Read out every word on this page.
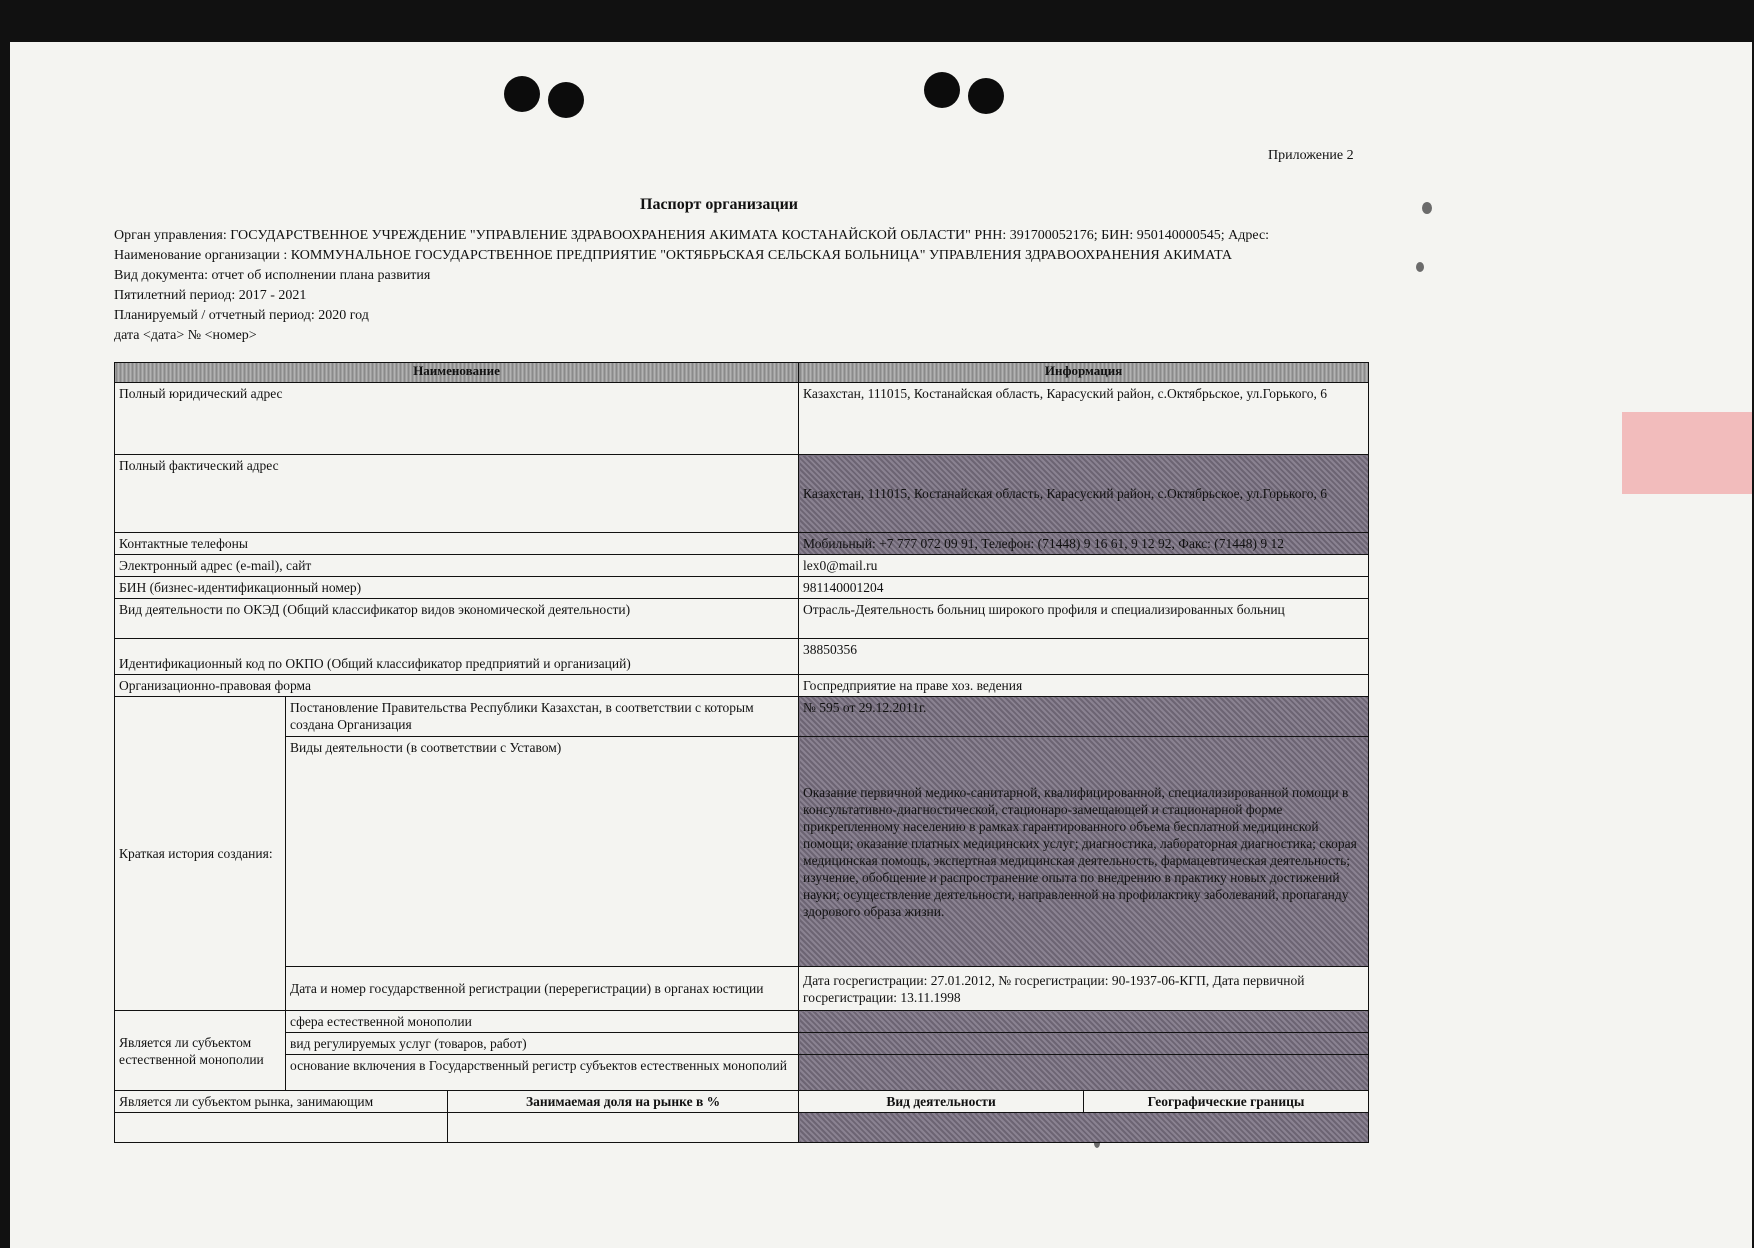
Приложение 2
Паспорт организации
Орган управления: ГОСУДАРСТВЕННОЕ УЧРЕЖДЕНИЕ "УПРАВЛЕНИЕ ЗДРАВООХРАНЕНИЯ АКИМАТА КОСТАНАЙСКОЙ ОБЛАСТИ" РНН: 391700052176; БИН: 950140000545; Адрес:
Наименование организации : КОММУНАЛЬНОЕ ГОСУДАРСТВЕННОЕ ПРЕДПРИЯТИЕ "ОКТЯБРЬСКАЯ СЕЛЬСКАЯ БОЛЬНИЦА" УПРАВЛЕНИЯ ЗДРАВООХРАНЕНИЯ АКИМАТА
Вид документа: отчет об исполнении плана развития
Пятилетний период: 2017 - 2021
Планируемый / отчетный период: 2020 год
дата <дата> № <номер>
Наименование			Информация	
Полный юридический адрес			Казахстан, 111015, Костанайская область, Карасуский район, с.Октябрьское, ул.Горького, 6	
Полный фактический адрес			Казахстан, 111015, Костанайская область, Карасуский район, с.Октябрьское, ул.Горького, 6	
Контактные телефоны			Мобильный: +7 777 072 09 91, Телефон: (71448) 9 16 61, 9 12 92, Факс: (71448) 9 12	
Электронный адрес (e-mail), сайт			lex0@mail.ru	
БИН (бизнес-идентификационный номер)			981140001204	
Вид деятельности по ОКЭД (Общий классификатор видов экономической деятельности)			Отрасль-Деятельность больниц широкого профиля и специализированных больниц	
Идентификационный код по ОКПО (Общий классификатор предприятий и организаций)			38850356	
Организационно-правовая форма			Госпредприятие на праве хоз. ведения	
Краткая история создания:	Постановление Правительства Республики Казахстан, в соответствии с которым создана Организация		№ 595 от 29.12.2011г.	
	Виды деятельности (в соответствии с Уставом)		Оказание первичной медико-санитарной, квалифицированной, специализированной помощи в консультативно-диагностической, стационаро-замещающей и стационарной форме прикрепленному населению в рамках гарантированного объема бесплатной медицинской помощи; оказание платных медицинских услуг; диагностика, лабораторная диагностика; скорая медицинская помощь, экспертная медицинская деятельность, фармацевтическая деятельность; изучение, обобщение и распространение опыта по внедрению в практику новых достижений науки; осуществление деятельности, направленной на профилактику заболеваний, пропаганду здорового образа жизни.	
	Дата и номер государственной регистрации (перерегистрации) в органах юстиции		Дата госрегистрации: 27.01.2012, № госрегистрации: 90-1937-06-КГП, Дата первичной госрегистрации: 13.11.1998	
Является ли субъектом естественной монополии	сфера естественной монополии			
	вид регулируемых услуг (товаров, работ)			
	основание включения в Государственный регистр субъектов естественных монополий			
Является ли субъектом рынка, занимающим		Занимаемая доля на рынке в %	Вид деятельности	Географические границы
